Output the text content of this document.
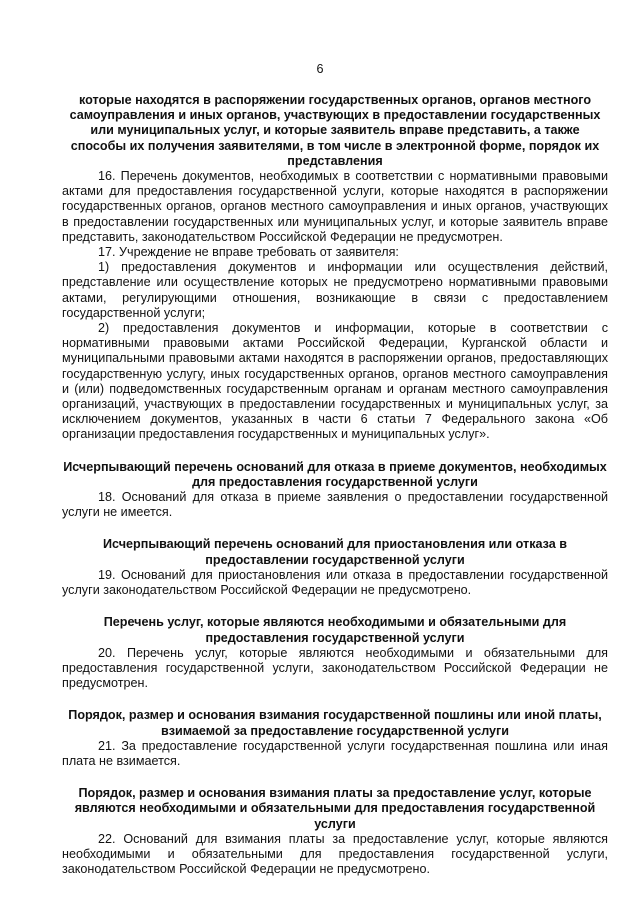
6

которые находятся в распоряжении государственных органов, органов местного самоуправления и иных органов, участвующих в предоставлении государственных или муниципальных услуг, и которые заявитель вправе представить, а также способы их получения заявителями, в том числе в электронной форме, порядок их представления

16. Перечень документов, необходимых в соответствии с нормативными правовыми актами для предоставления государственной услуги, которые находятся в распоряжении государственных органов, органов местного самоуправления и иных органов, участвующих в предоставлении государственных или муниципальных услуг, и которые заявитель вправе представить, законодательством Российской Федерации не предусмотрен.

17. Учреждение не вправе требовать от заявителя:

1) предоставления документов и информации или осуществления действий, представление или осуществление которых не предусмотрено нормативными правовыми актами, регулирующими отношения, возникающие в связи с предоставлением государственной услуги;

2) предоставления документов и информации, которые в соответствии с нормативными правовыми актами Российской Федерации, Курганской области и муниципальными правовыми актами находятся в распоряжении органов, предоставляющих государственную услугу, иных государственных органов, органов местного самоуправления и (или) подведомственных государственным органам и органам местного самоуправления организаций, участвующих в предоставлении государственных и муниципальных услуг, за исключением документов, указанных в части 6 статьи 7 Федерального закона «Об организации предоставления государственных и муниципальных услуг».

Исчерпывающий перечень оснований для отказа в приеме документов, необходимых для предоставления государственной услуги

18. Оснований для отказа в приеме заявления о предоставлении государственной услуги не имеется.

Исчерпывающий перечень оснований для приостановления или отказа в предоставлении государственной услуги

19. Оснований для приостановления или отказа в предоставлении государственной услуги законодательством Российской Федерации не предусмотрено.

Перечень услуг, которые являются необходимыми и обязательными для предоставления государственной услуги

20. Перечень услуг, которые являются необходимыми и обязательными для предоставления государственной услуги, законодательством Российской Федерации не предусмотрен.

Порядок, размер и основания взимания государственной пошлины или иной платы, взимаемой за предоставление государственной услуги

21. За предоставление государственной услуги государственная пошлина или иная плата не взимается.

Порядок, размер и основания взимания платы за предоставление услуг, которые являются необходимыми и обязательными для предоставления государственной услуги

22. Оснований для взимания платы за предоставление услуг, которые являются необходимыми и обязательными для предоставления государственной услуги, законодательством Российской Федерации не предусмотрено.
